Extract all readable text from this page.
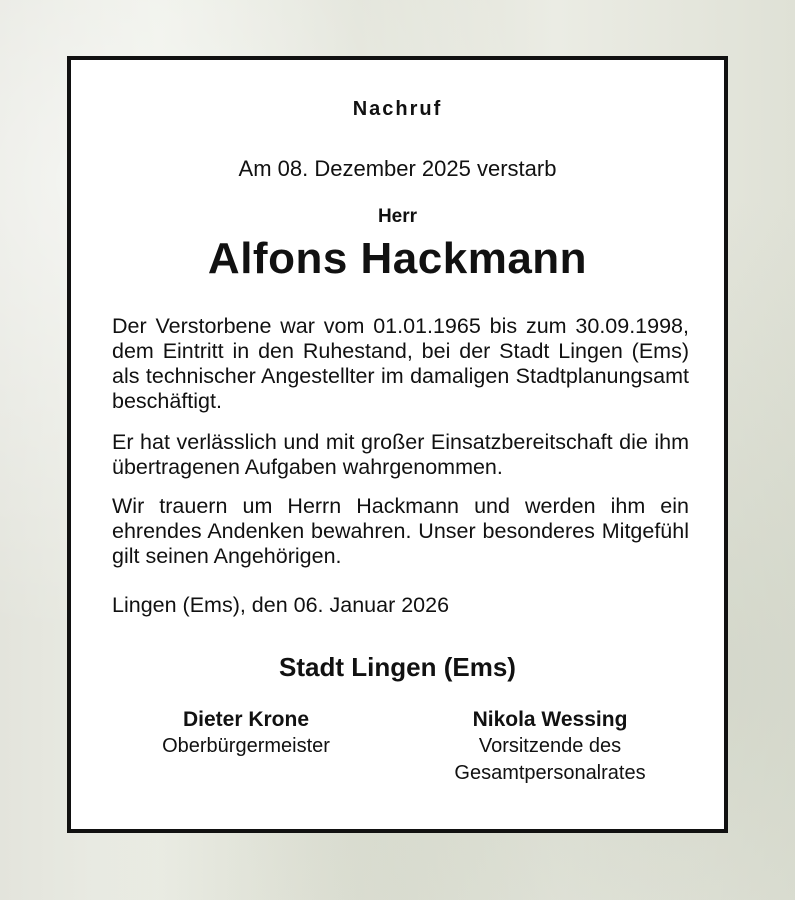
Nachruf
Am 08. Dezember 2025 verstarb
Herr
Alfons Hackmann
Der Verstorbene war vom 01.01.1965 bis zum 30.09.1998, dem Eintritt in den Ruhestand, bei der Stadt Lingen (Ems) als technischer Angestellter im damaligen Stadtplanungsamt beschäftigt.
Er hat verlässlich und mit großer Einsatzbereitschaft die ihm übertragenen Aufgaben wahrgenommen.
Wir trauern um Herrn Hackmann und werden ihm ein ehrendes Andenken bewahren. Unser besonderes Mitgefühl gilt seinen Angehörigen.
Lingen (Ems), den 06. Januar 2026
Stadt Lingen (Ems)
Dieter Krone
Oberbürgermeister
Nikola Wessing
Vorsitzende des
Gesamtpersonalrates
